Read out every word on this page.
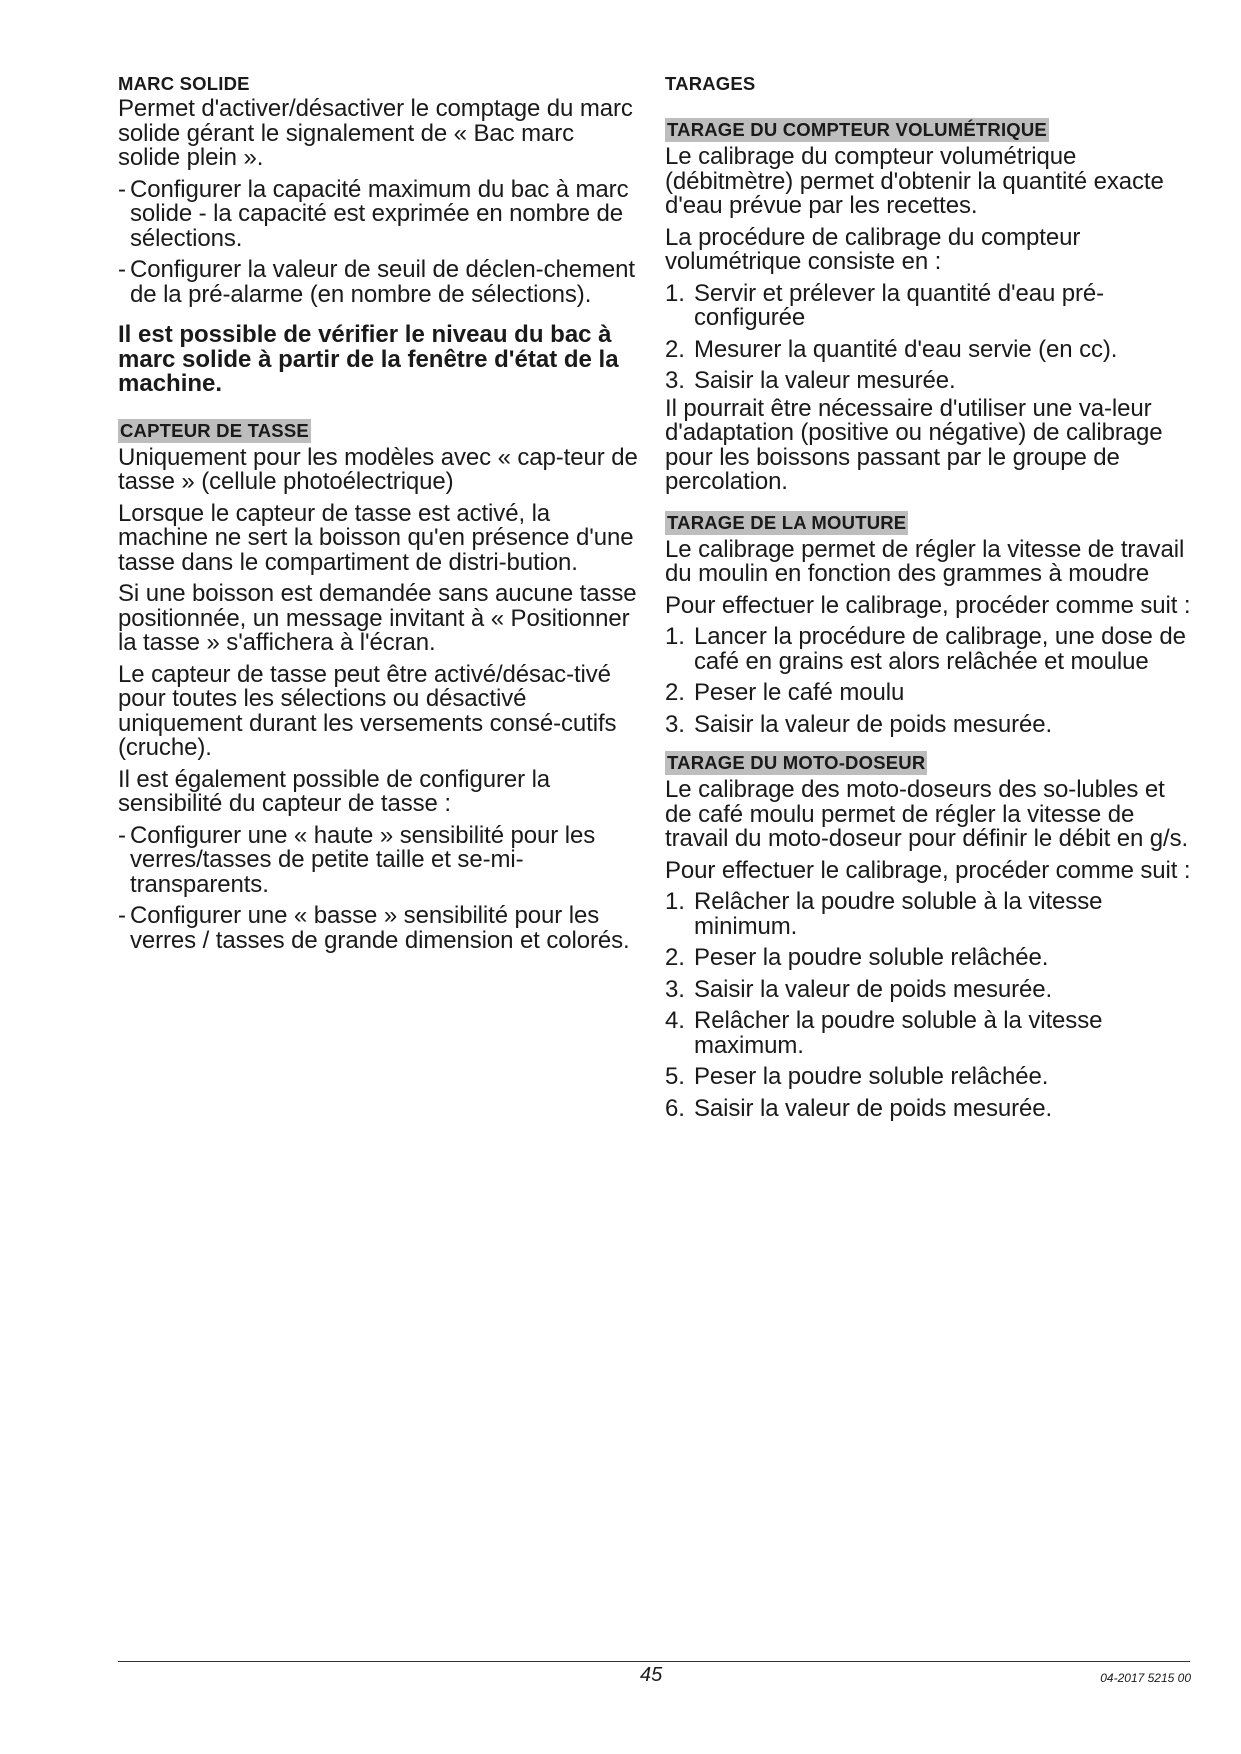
MARC SOLIDE

Permet d'activer/désactiver le comptage du marc solide gérant le signalement de « Bac marc solide plein ».

- Configurer la capacité maximum du bac à marc solide - la capacité est exprimée en nombre de sélections.
- Configurer la valeur de seuil de déclen-chement de la pré-alarme (en nombre de sélections).

Il est possible de vérifier le niveau du bac à marc solide à partir de la fenêtre d'état de la machine.

CAPTEUR DE TASSE

Uniquement pour les modèles avec « cap-teur de tasse » (cellule photoélectrique)

Lorsque le capteur de tasse est activé, la machine ne sert la boisson qu'en présence d'une tasse dans le compartiment de distri-bution.

Si une boisson est demandée sans aucune tasse positionnée, un message invitant à « Positionner la tasse » s'affichera à l'écran.

Le capteur de tasse peut être activé/désac-tivé pour toutes les sélections ou désactivé uniquement durant les versements consé-cutifs (cruche).

Il est également possible de configurer la sensibilité du capteur de tasse :

- Configurer une « haute » sensibilité pour les verres/tasses de petite taille et se-mi-transparents.
- Configurer une « basse » sensibilité pour les verres / tasses de grande dimension et colorés.
TARAGES
TARAGE DU COMPTEUR VOLUMÉTRIQUE

Le calibrage du compteur volumétrique (débitmètre) permet d'obtenir la quantité exacte d'eau prévue par les recettes.

La procédure de calibrage du compteur volumétrique consiste en :

1. Servir et prélever la quantité d'eau pré-configurée
2. Mesurer la quantité d'eau servie (en cc).
3. Saisir la valeur mesurée.

Il pourrait être nécessaire d'utiliser une va-leur d'adaptation (positive ou négative) de calibrage pour les boissons passant par le groupe de percolation.

TARAGE DE LA MOUTURE

Le calibrage permet de régler la vitesse de travail du moulin en fonction des grammes à moudre

Pour effectuer le calibrage, procéder comme suit :

1. Lancer la procédure de calibrage, une dose de café en grains est alors relâchée et moulue
2. Peser le café moulu
3. Saisir la valeur de poids mesurée.
TARAGE DU MOTO-DOSEUR

Le calibrage des moto-doseurs des so-lubles et de café moulu permet de régler la vitesse de travail du moto-doseur pour définir le débit en g/s.

Pour effectuer le calibrage, procéder comme suit :

1. Relâcher la poudre soluble à la vitesse minimum.
2. Peser la poudre soluble relâchée.
3. Saisir la valeur de poids mesurée.
4. Relâcher la poudre soluble à la vitesse maximum.
5. Peser la poudre soluble relâchée.
6. Saisir la valeur de poids mesurée.
45	04-2017 5215 00
